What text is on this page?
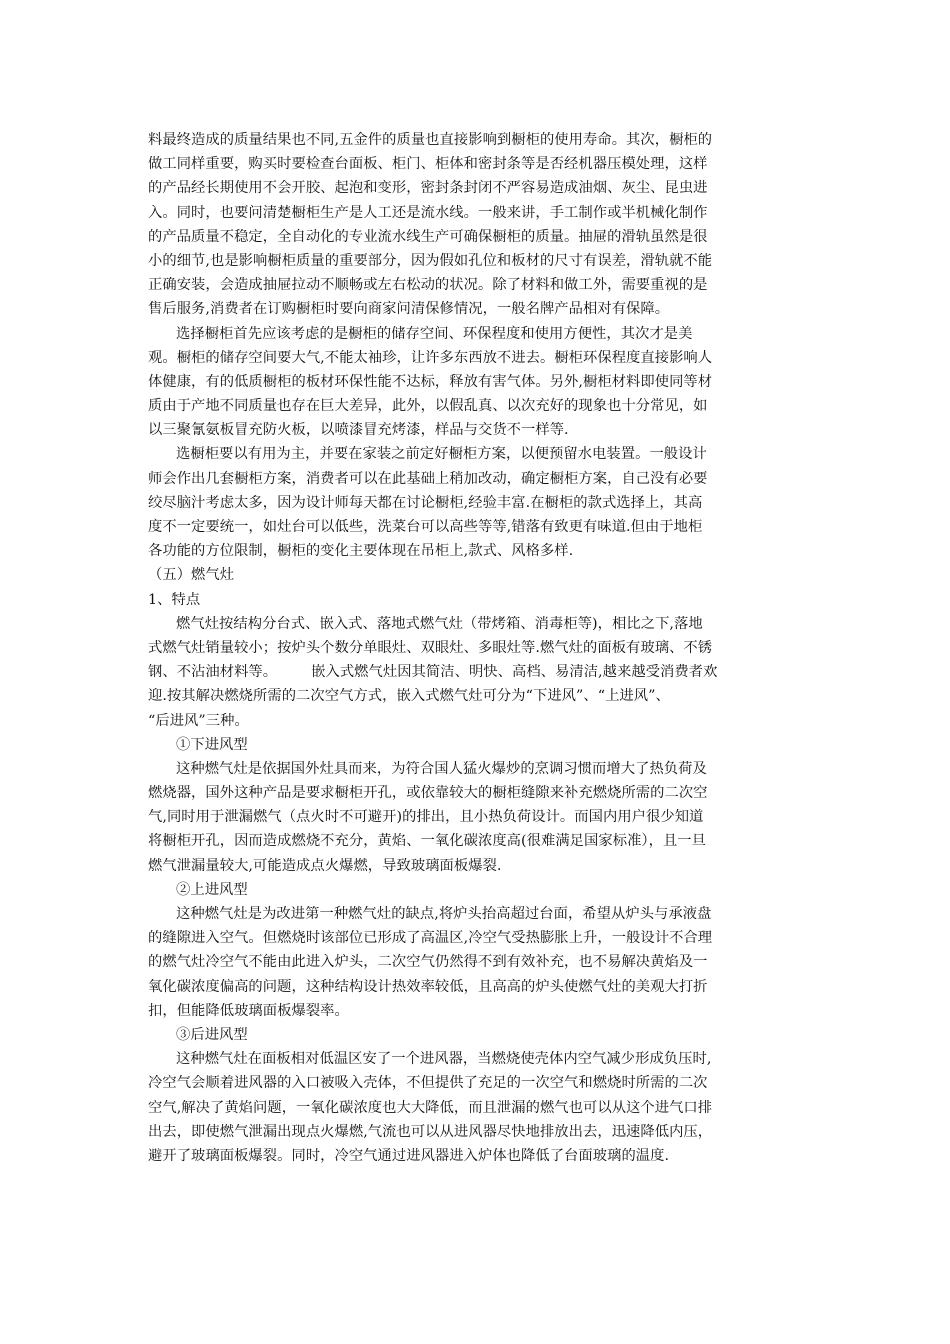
料最终造成的质量结果也不同,五金件的质量也直接影响到橱柜的使用寿命。其次，橱柜的
做工同样重要，购买时要检查台面板、柜门、柜体和密封条等是否经机器压模处理，这样
的产品经长期使用不会开胶、起泡和变形，密封条封闭不严容易造成油烟、灰尘、昆虫进
入。同时，也要问清楚橱柜生产是人工还是流水线。一般来讲，手工制作或半机械化制作
的产品质量不稳定，全自动化的专业流水线生产可确保橱柜的质量。抽屉的滑轨虽然是很
小的细节,也是影响橱柜质量的重要部分，因为假如孔位和板材的尺寸有误差，滑轨就不能
正确安装，会造成抽屉拉动不顺畅或左右松动的状况。除了材料和做工外，需要重视的是
售后服务,消费者在订购橱柜时要向商家问清保修情况，一般名牌产品相对有保障。
选择橱柜首先应该考虑的是橱柜的储存空间、环保程度和使用方便性，其次才是美
观。橱柜的储存空间要大气,不能太袖珍，让许多东西放不进去。橱柜环保程度直接影响人
体健康，有的低质橱柜的板材环保性能不达标，释放有害气体。另外,橱柜材料即使同等材
质由于产地不同质量也存在巨大差异，此外，以假乱真、以次充好的现象也十分常见，如
以三聚氰氨板冒充防火板，以喷漆冒充烤漆，样品与交货不一样等.
选橱柜要以有用为主，并要在家装之前定好橱柜方案，以便预留水电装置。一般设计
师会作出几套橱柜方案，消费者可以在此基础上稍加改动，确定橱柜方案，自己没有必要
绞尽脑汁考虑太多，因为设计师每天都在讨论橱柜,经验丰富.在橱柜的款式选择上，其高
度不一定要统一，如灶台可以低些，洗菜台可以高些等等,错落有致更有味道.但由于地柜
各功能的方位限制，橱柜的变化主要体现在吊柜上,款式、风格多样.
（五）燃气灶
1、特点
燃气灶按结构分台式、嵌入式、落地式燃气灶（带烤箱、消毒柜等)，相比之下,落地
式燃气灶销量较小；按炉头个数分单眼灶、双眼灶、多眼灶等.燃气灶的面板有玻璃、不锈
钢、不沾油材料等。 嵌入式燃气灶因其简洁、明快、高档、易清洁,越来越受消费者欢
迎.按其解决燃烧所需的二次空气方式，嵌入式燃气灶可分为“下进风”、“上进风”、
“后进风”三种。
①下进风型
这种燃气灶是依据国外灶具而来，为符合国人猛火爆炒的烹调习惯而增大了热负荷及
燃烧器，国外这种产品是要求橱柜开孔，或依靠较大的橱柜缝隙来补充燃烧所需的二次空
气,同时用于泄漏燃气（点火时不可避开)的排出，且小热负荷设计。而国内用户很少知道
将橱柜开孔，因而造成燃烧不充分，黄焰、一氧化碳浓度高(很难满足国家标准），且一旦
燃气泄漏量较大,可能造成点火爆燃，导致玻璃面板爆裂.
②上进风型
这种燃气灶是为改进第一种燃气灶的缺点,将炉头抬高超过台面，希望从炉头与承液盘
的缝隙进入空气。但燃烧时该部位已形成了高温区,冷空气受热膨胀上升，一般设计不合理
的燃气灶冷空气不能由此进入炉头，二次空气仍然得不到有效补充，也不易解决黄焰及一
氧化碳浓度偏高的问题，这种结构设计热效率较低，且高高的炉头使燃气灶的美观大打折
扣，但能降低玻璃面板爆裂率。
③后进风型
这种燃气灶在面板相对低温区安了一个进风器，当燃烧使壳体内空气减少形成负压时,
冷空气会顺着进风器的入口被吸入壳体，不但提供了充足的一次空气和燃烧时所需的二次
空气,解决了黄焰问题，一氧化碳浓度也大大降低，而且泄漏的燃气也可以从这个进气口排
出去，即使燃气泄漏出现点火爆燃,气流也可以从进风器尽快地排放出去，迅速降低内压，
避开了玻璃面板爆裂。同时，冷空气通过进风器进入炉体也降低了台面玻璃的温度.
